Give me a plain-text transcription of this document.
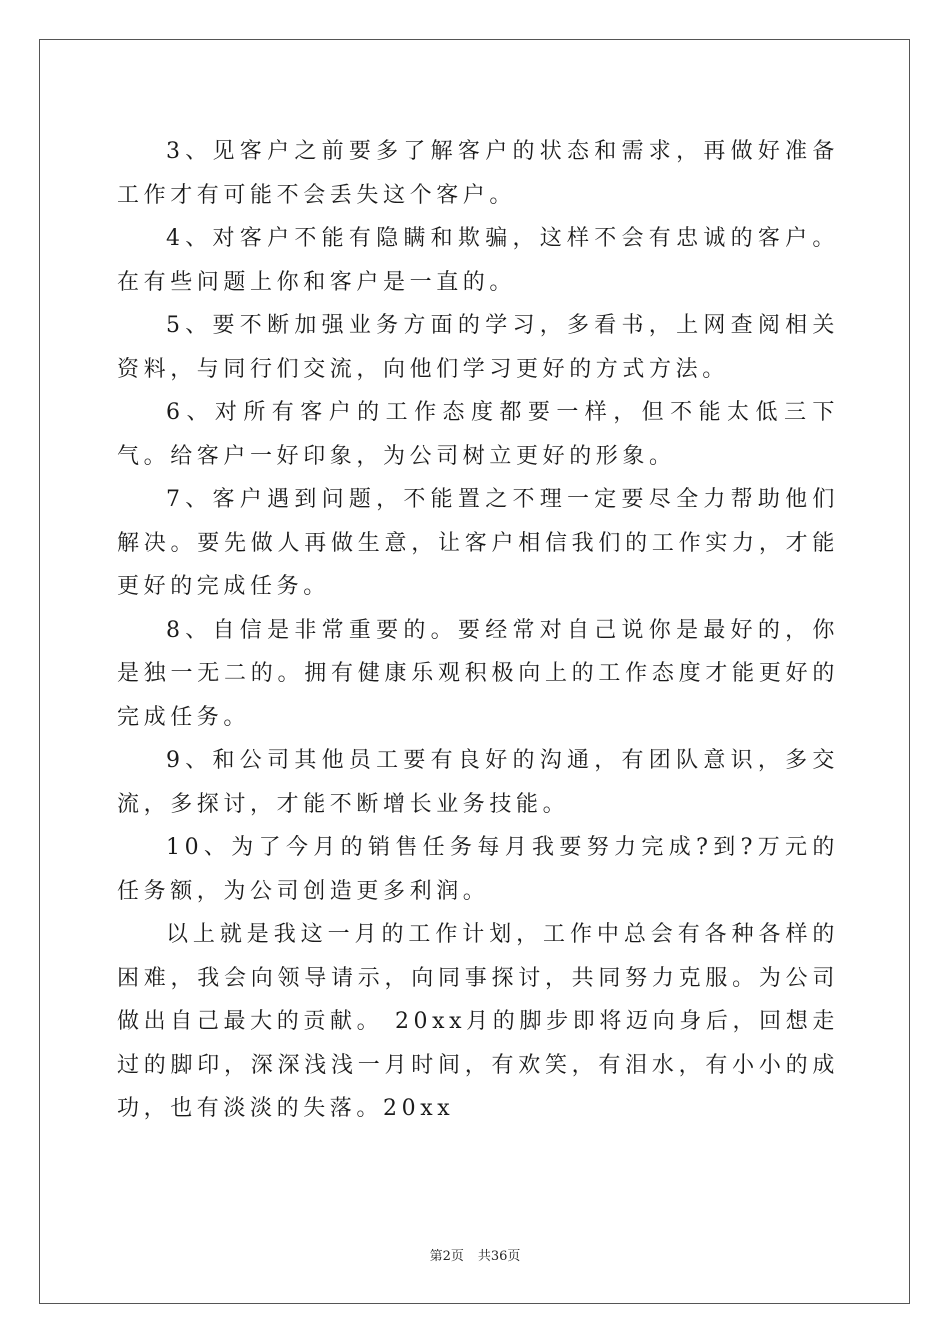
3、见客户之前要多了解客户的状态和需求，再做好准备工作才有可能不会丢失这个客户。

4、对客户不能有隐瞒和欺骗，这样不会有忠诚的客户。在有些问题上你和客户是一直的。

5、要不断加强业务方面的学习，多看书，上网查阅相关资料，与同行们交流，向他们学习更好的方式方法。

6、对所有客户的工作态度都要一样，但不能太低三下气。给客户一好印象，为公司树立更好的形象。

7、客户遇到问题，不能置之不理一定要尽全力帮助他们解决。要先做人再做生意，让客户相信我们的工作实力，才能更好的完成任务。

8、自信是非常重要的。要经常对自己说你是最好的，你是独一无二的。拥有健康乐观积极向上的工作态度才能更好的完成任务。

9、和公司其他员工要有良好的沟通，有团队意识，多交流，多探讨，才能不断增长业务技能。

10、为了今月的销售任务每月我要努力完成?到?万元的任务额，为公司创造更多利润。

以上就是我这一月的工作计划，工作中总会有各种各样的困难，我会向领导请示，向同事探讨，共同努力克服。为公司做出自己最大的贡献。 20xx月的脚步即将迈向身后，回想走过的脚印，深深浅浅一月时间，有欢笑，有泪水，有小小的成功，也有淡淡的失落。20xx

第2页 共36页
